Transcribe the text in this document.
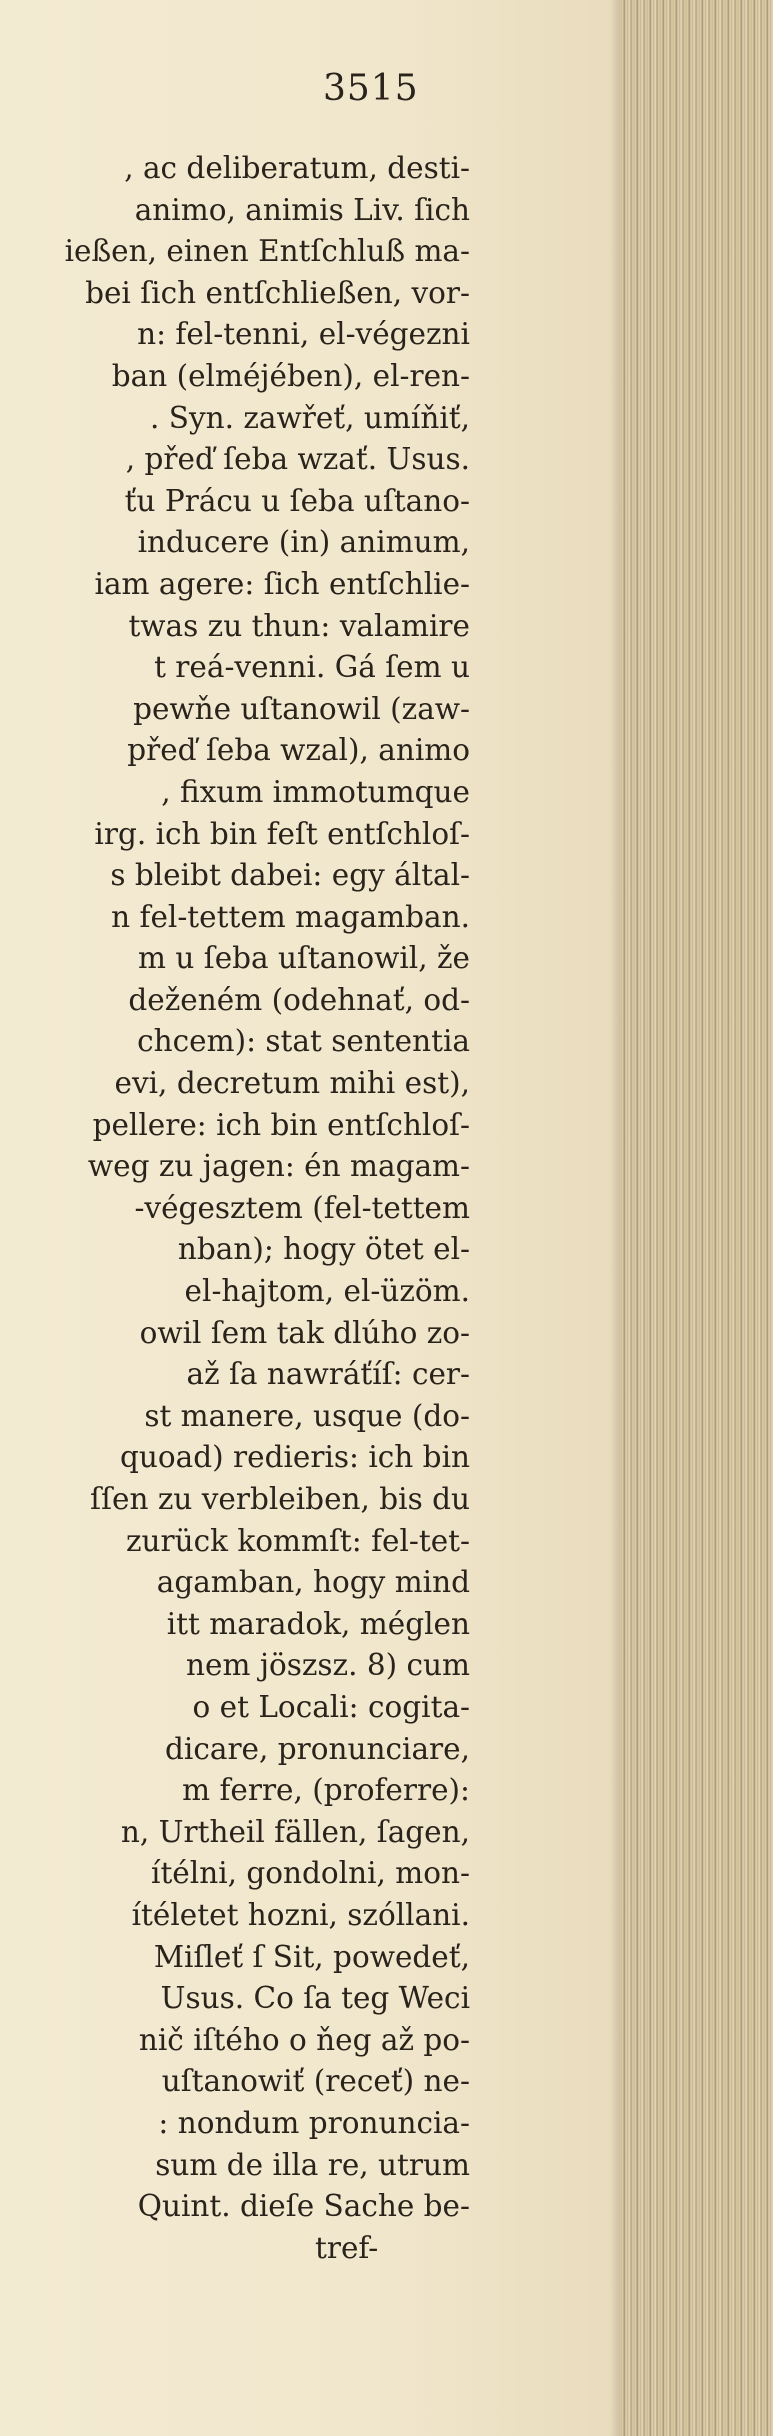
3515
, ac deliberatum, desti-
animo, animis Liv. ſich
ießen, einen Entſchluß ma-
bei ſich entſchließen, vor-
n: fel-tenni, el-végezni
ban (elméjében), el-ren-
. Syn. zawřeť, umíňiť,
, přeď ſeba wzať. Usus.
ťu Prácu u ſeba uſtano-
inducere (in) animum,
iam agere: ſich entſchlie-
twas zu thun: valamire
t reá-venni. Gá ſem u
pewňe uſtanowil (zaw-
přeď ſeba wzal), animo
, fixum immotumque
irg. ich bin feſt entſchloſ-
s bleibt dabei: egy által-
n fel-tettem magamban.
m u ſeba uſtanowil, že
deženém (odehnať, od-
chcem): stat sententia
evi, decretum mihi est),
pellere: ich bin entſchloſ-
weg zu jagen: én magam-
-végesztem (fel-tettem
nban); hogy ötet el-
el-hajtom, el-üzöm.
owil ſem tak dlúho zo-
až ſa nawráťíſ: cer-
st manere, usque (do-
quoad) redieris: ich bin
ſſen zu verbleiben, bis du
zurück kommſt: fel-tet-
agamban, hogy mind
itt maradok, méglen
nem jöszsz. 8) cum
o et Locali: cogita-
dicare, pronunciare,
m ferre, (proferre):
n, Urtheil fällen, ſagen,
ítélni, gondolni, mon-
ítéletet hozni, szóllani.
Miſleť ſ Sit, powedeť,
Usus. Co ſa teg Weci
nič iſtého o ňeg až po-
uſtanowiť (receť) ne-
: nondum pronuncia-
sum de illa re, utrum
Quint. dieſe Sache be-
tref-
